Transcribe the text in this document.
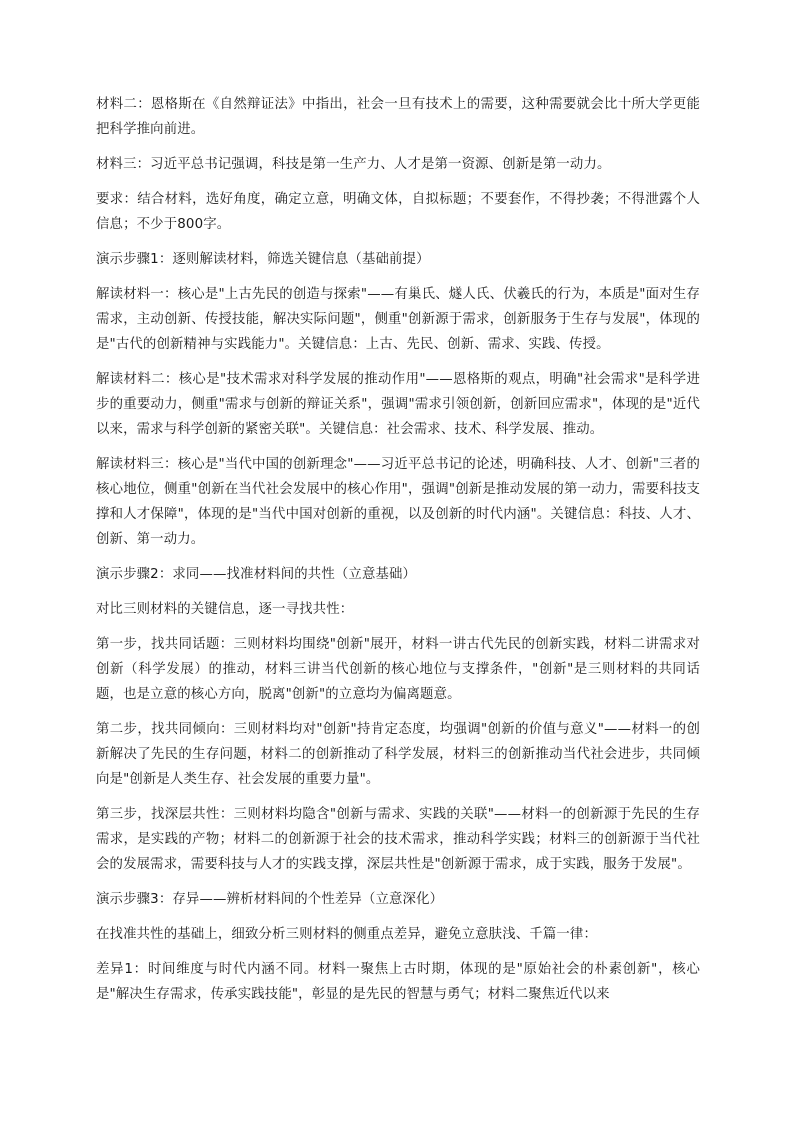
材料二：恩格斯在《自然辩证法》中指出，社会一旦有技术上的需要，这种需要就会比十所大学更能把科学推向前进。

材料三：习近平总书记强调，科技是第一生产力、人才是第一资源、创新是第一动力。

要求：结合材料，选好角度，确定立意，明确文体，自拟标题；不要套作，不得抄袭；不得泄露个人信息；不少于800字。

演示步骤1：逐则解读材料，筛选关键信息（基础前提）

解读材料一：核心是"上古先民的创造与探索"——有巢氏、燧人氏、伏羲氏的行为，本质是"面对生存需求，主动创新、传授技能，解决实际问题"，侧重"创新源于需求，创新服务于生存与发展"，体现的是"古代的创新精神与实践能力"。关键信息：上古、先民、创新、需求、实践、传授。

解读材料二：核心是"技术需求对科学发展的推动作用"——恩格斯的观点，明确"社会需求"是科学进步的重要动力，侧重"需求与创新的辩证关系"，强调"需求引领创新，创新回应需求"，体现的是"近代以来，需求与科学创新的紧密关联"。关键信息：社会需求、技术、科学发展、推动。

解读材料三：核心是"当代中国的创新理念"——习近平总书记的论述，明确科技、人才、创新"三者的核心地位，侧重"创新在当代社会发展中的核心作用"，强调"创新是推动发展的第一动力，需要科技支撑和人才保障"，体现的是"当代中国对创新的重视，以及创新的时代内涵"。关键信息：科技、人才、创新、第一动力。

演示步骤2：求同——找准材料间的共性（立意基础）

对比三则材料的关键信息，逐一寻找共性：

第一步，找共同话题：三则材料均围绕"创新"展开，材料一讲古代先民的创新实践，材料二讲需求对创新（科学发展）的推动，材料三讲当代创新的核心地位与支撑条件，"创新"是三则材料的共同话题，也是立意的核心方向，脱离"创新"的立意均为偏离题意。

第二步，找共同倾向：三则材料均对"创新"持肯定态度，均强调"创新的价值与意义"——材料一的创新解决了先民的生存问题，材料二的创新推动了科学发展，材料三的创新推动当代社会进步，共同倾向是"创新是人类生存、社会发展的重要力量"。

第三步，找深层共性：三则材料均隐含"创新与需求、实践的关联"——材料一的创新源于先民的生存需求，是实践的产物；材料二的创新源于社会的技术需求，推动科学实践；材料三的创新源于当代社会的发展需求，需要科技与人才的实践支撑，深层共性是"创新源于需求，成于实践，服务于发展"。

演示步骤3：存异——辨析材料间的个性差异（立意深化）

在找准共性的基础上，细致分析三则材料的侧重点差异，避免立意肤浅、千篇一律：

差异1：时间维度与时代内涵不同。材料一聚焦上古时期，体现的是"原始社会的朴素创新"，核心是"解决生存需求，传承实践技能"，彰显的是先民的智慧与勇气；材料二聚焦近代以来
